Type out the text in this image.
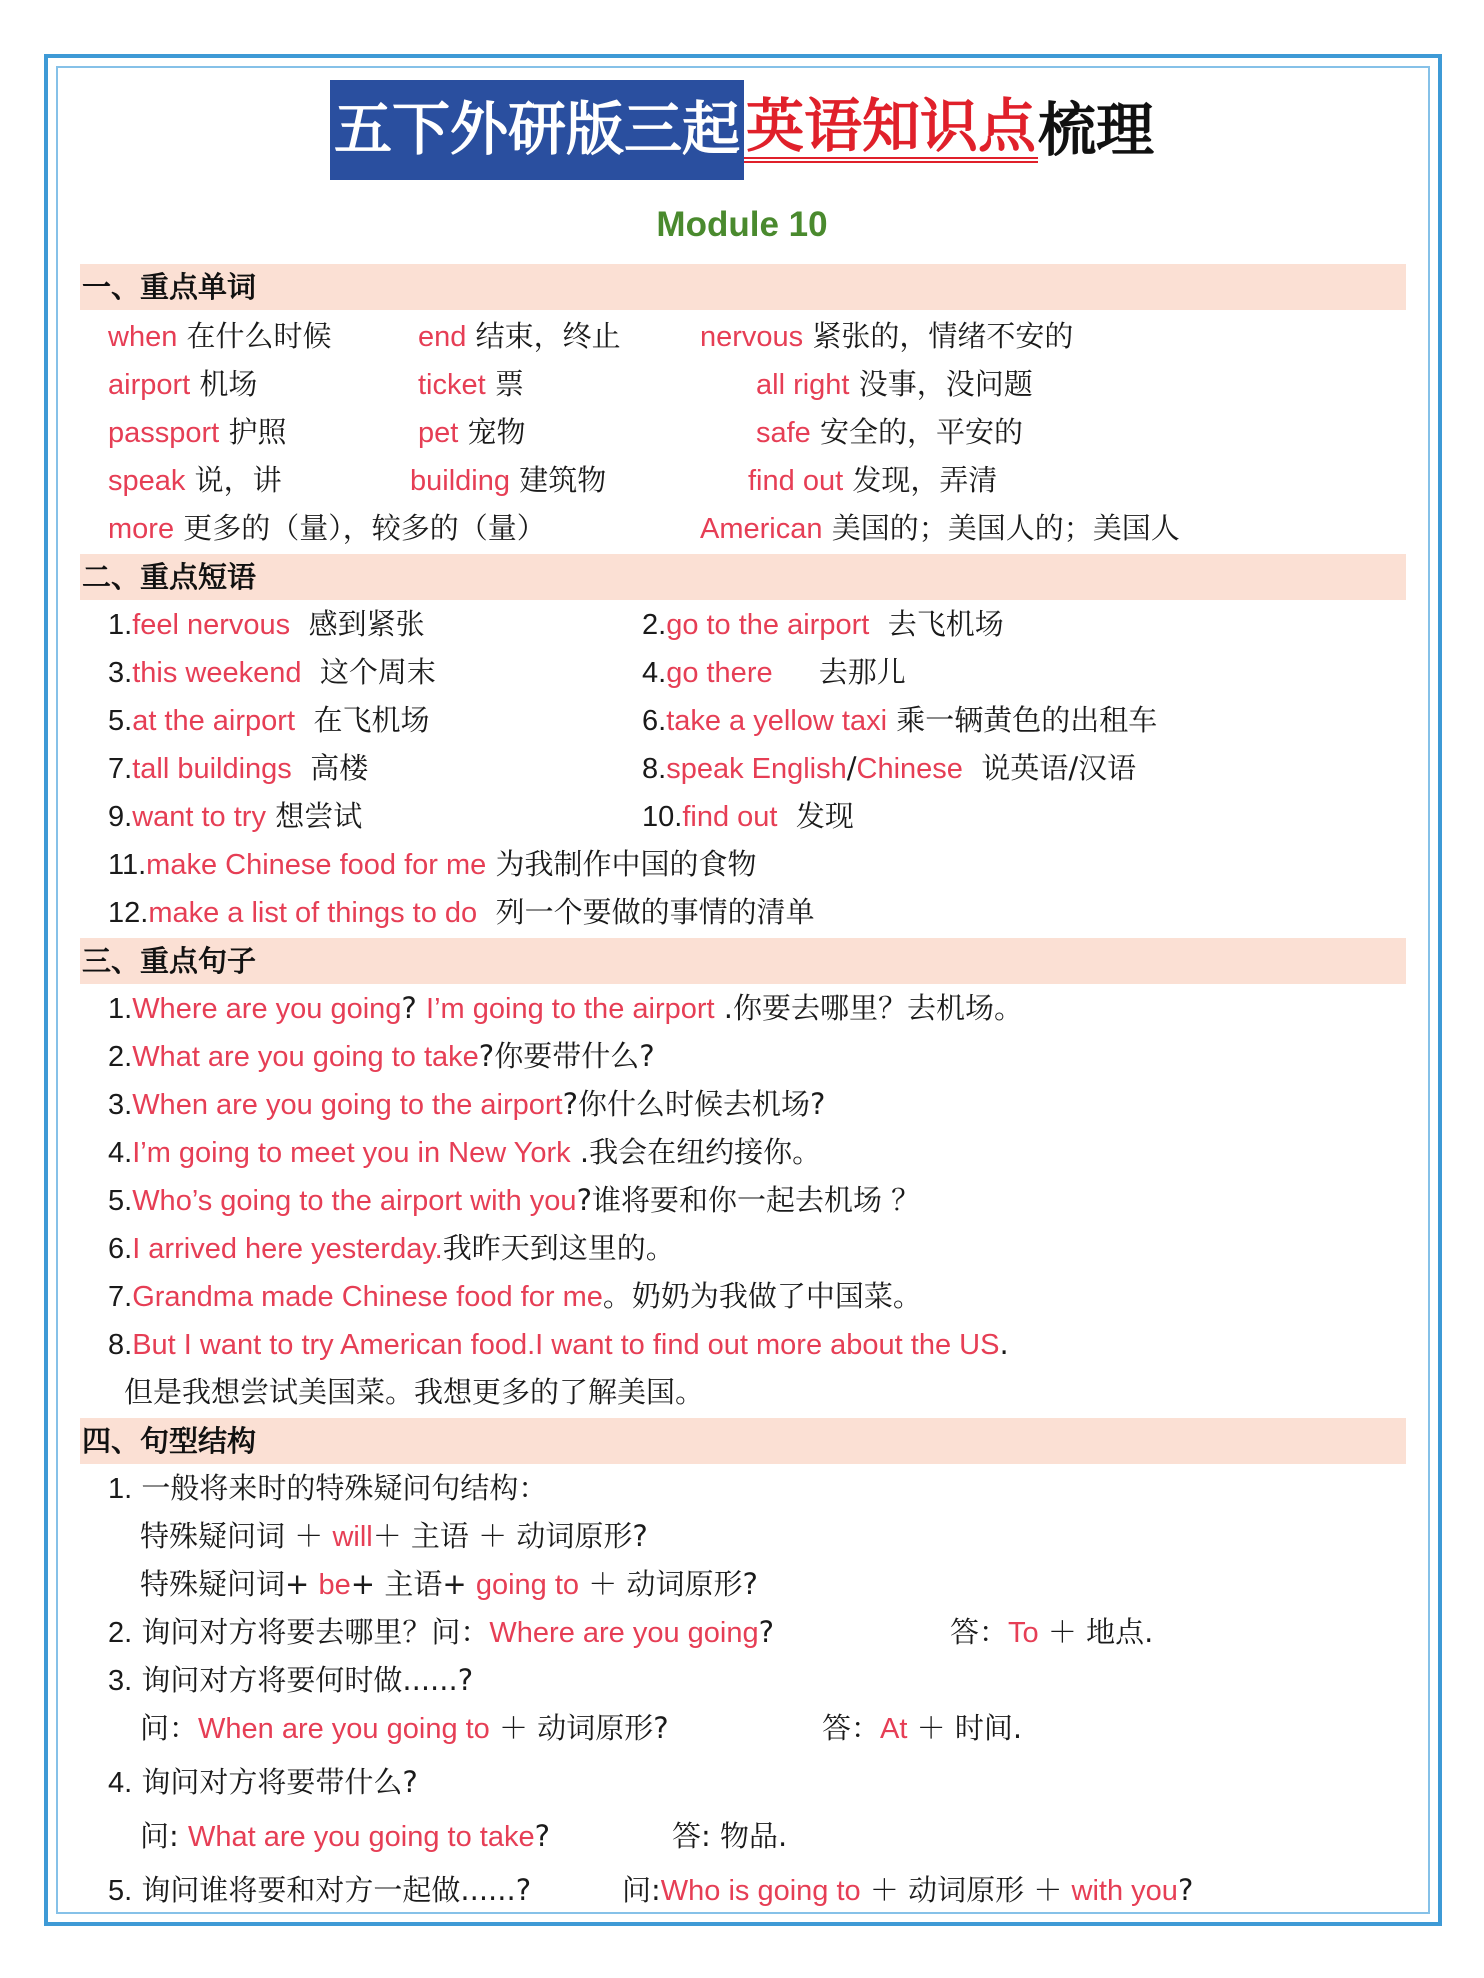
五下外研版三起 英语知识点梳理
Module 10
一、重点单词
when 在什么时候	end 结束，终止	nervous 紧张的，情绪不安的
airport 机场	ticket 票	all right 没事，没问题
passport 护照	pet 宠物	safe 安全的，平安的
speak 说，讲	building 建筑物	find out 发现，弄清
more 更多的（量），较多的（量）	American 美国的；美国人的；美国人
二、重点短语
1.feel nervous 感到紧张	2.go to the airport 去飞机场
3.this weekend 这个周末	4.go there 去那儿
5.at the airport 在飞机场	6.take a yellow taxi 乘一辆黄色的出租车
7.tall buildings 高楼	8.speak English/Chinese 说英语/汉语
9.want to try 想尝试	10.find out 发现
11.make Chinese food for me 为我制作中国的食物
12.make a list of things to do 列一个要做的事情的清单
三、重点句子
1.Where are you going? I’m going to the airport .你要去哪里？去机场。
2.What are you going to take?你要带什么?
3.When are you going to the airport?你什么时候去机场?
4.I’m going to meet you in New York .我会在纽约接你。
5.Who’s going to the airport with you?谁将要和你一起去机场 ？
6.I arrived here yesterday.我昨天到这里的。
7.Grandma made Chinese food for me。奶奶为我做了中国菜。
8.But I want to try American food.I want to find out more about the US.
但是我想尝试美国菜。我想更多的了解美国。
四、句型结构
1. 一般将来时的特殊疑问句结构：
特殊疑问词 ＋ will＋ 主语 ＋ 动词原形?
特殊疑问词+ be+ 主语+ going to ＋ 动词原形?
2. 询问对方将要去哪里？问：Where are you going?	答：To ＋ 地点.
3. 询问对方将要何时做......?
问：When are you going to ＋ 动词原形?	答：At ＋ 时间.
4. 询问对方将要带什么?
问: What are you going to take?	答: 物品.
5. 询问谁将要和对方一起做......?	问:Who is going to ＋ 动词原形 ＋ with you?
